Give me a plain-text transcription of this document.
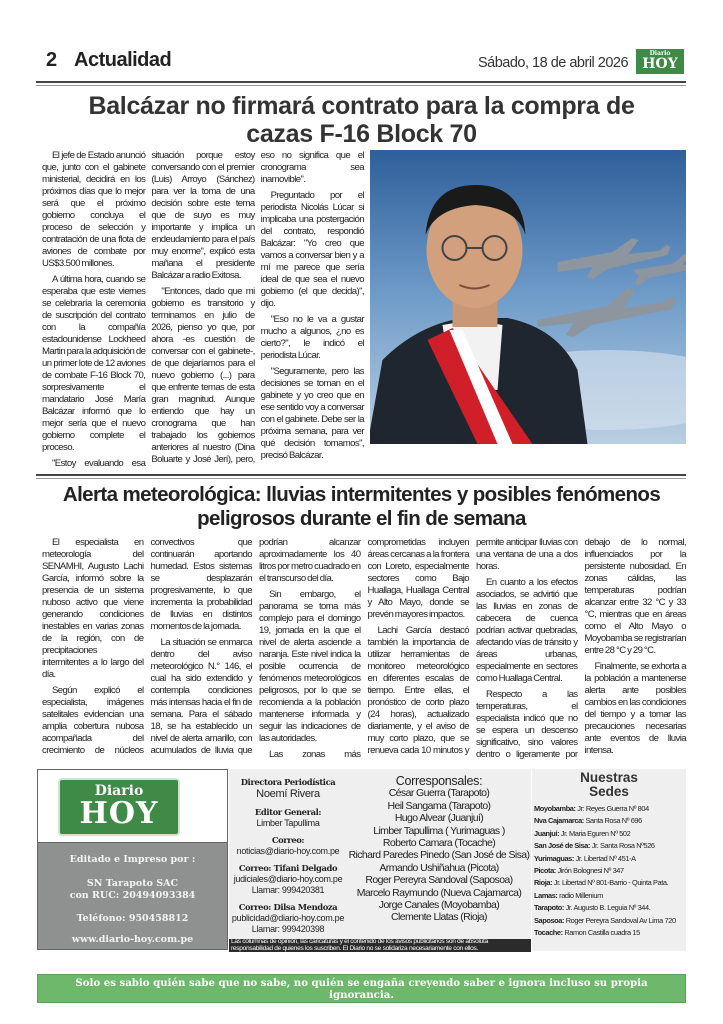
2 Actualidad	Sábado, 18 de abril 2026
Diario
HOY
Balcázar no firmará contrato para la compra de cazas F-16 Block 70

El jefe de Estado anunció que, junto con el gabinete ministerial, decidirá en los próximos días que lo mejor será que el próximo gobierno concluya el proceso de selección y contratación de una flota de aviones de combate por US$3.500 millones.

A última hora, cuando se esperaba que este viernes se celebraría la ceremonia de suscripción del contrato con la compañía estadounidense Lockheed Martin para la adquisición de un primer lote de 12 aviones de combate F-16 Block 70, sorpresivamente el mandatario José María Balcázar informó que lo mejor sería que el nuevo gobierno complete el proceso.

"Estoy evaluando esa situación porque estoy conversando con el premier (Luis) Arroyo (Sánchez) para ver la toma de una decisión sobre este tema que de suyo es muy importante y implica un endeudamiento para el país muy enorme", explicó esta mañana el presidente Balcázar a radio Exitosa.

"Entonces, dado que mi gobierno es transitorio y terminamos en julio de 2026, pienso yo que, por ahora -es cuestión de conversar con el gabinete-, de que dejaríamos para el nuevo gobierno (...) para que enfrente temas de esta gran magnitud. Aunque entiendo que hay un cronograma que han trabajado los gobiernos anteriores al nuestro (Dina Boluarte y José Jerí), pero, eso no significa que el cronograma sea inamovible".

Preguntado por el periodista Nicolás Lúcar si implicaba una postergación del contrato, respondió Balcázar: "Yo creo que vamos a conversar bien y a mí me parece que sería ideal de que sea el nuevo gobierno (el que decida)", dijo.

"Eso no le va a gustar mucho a algunos, ¿no es cierto?", le indicó el periodista Lúcar.

"Seguramente, pero las decisiones se toman en el gabinete y yo creo que en ese sentido voy a conversar con el gabinete. Debe ser la próxima semana, para ver qué decisión tomamos", precisó Balcázar.

Alerta meteorológica: lluvias intermitentes y posibles fenómenos peligrosos durante el fin de semana

El especialista en meteorología del SENAMHI, Augusto Lachi García, informó sobre la presencia de un sistema nuboso activo que viene generando condiciones inestables en varias zonas de la región, con de precipitaciones intermitentes a lo largo del día.

Según explicó el especialista, imágenes satelitales evidencian una amplia cobertura nubosa acompañada del crecimiento de núcleos convectivos que continuarán aportando humedad. Estos sistemas se desplazarán progresivamente, lo que incrementa la probabilidad de lluvias en distintos momentos de la jornada.

La situación se enmarca dentro del aviso meteorológico N.° 146, el cual ha sido extendido y contempla condiciones más intensas hacia el fin de semana. Para el sábado 18, se ha establecido un nivel de alerta amarillo, con acumulados de lluvia que podrían alcanzar aproximadamente los 40 litros por metro cuadrado en el transcurso del día.

Sin embargo, el panorama se torna más complejo para el domingo 19, jornada en la que el nivel de alerta asciende a naranja. Este nivel indica la posible ocurrencia de fenómenos meteorológicos peligrosos, por lo que se recomienda a la población mantenerse informada y seguir las indicaciones de las autoridades.

Las zonas más comprometidas incluyen áreas cercanas a la frontera con Loreto, especialmente sectores como Bajo Huallaga, Huallaga Central y Alto Mayo, donde se prevén mayores impactos.

Lachi García destacó también la importancia de utilizar herramientas de monitoreo meteorológico en diferentes escalas de tiempo. Entre ellas, el pronóstico de corto plazo (24 horas), actualizado diariamente, y el aviso de muy corto plazo, que se renueva cada 10 minutos y permite anticipar lluvias con una ventana de una a dos horas.

En cuanto a los efectos asociados, se advirtió que las lluvias en zonas de cabecera de cuenca podrían activar quebradas, afectando vías de tránsito y áreas urbanas, especialmente en sectores como Huallaga Central.

Respecto a las temperaturas, el especialista indicó que no se espera un descenso significativo, sino valores dentro o ligeramente por debajo de lo normal, influenciados por la persistente nubosidad. En zonas cálidas, las temperaturas podrían alcanzar entre 32 °C y 33 °C, mientras que en áreas como el Alto Mayo o Moyobamba se registrarían entre 28 °C y 29 °C.

Finalmente, se exhorta a la población a mantenerse alerta ante posibles cambios en las condiciones del tiempo y a tomar las precauciones necesarias ante eventos de lluvia intensa.

Diario
HOY
Editado e Impreso por :
SN Tarapoto SAC
con RUC: 20494093384
Teléfono: 950458812
www.diario-hoy.com.pe
Directora Periodística
Noemí Rivera
Editor General:
Limber Tapullima
Correo:
noticias@diario-hoy.com.pe
Correo: Tifani Delgado
judiciales@diario-hoy.com.pe
Llamar: 999420381
Correo: Dilsa Mendoza
publicidad@diario-hoy.com.pe
Llamar: 999420398
Corresponsales:
César Guerra (Tarapoto)
Heil Sangama (Tarapoto)
Hugo Alvear (Juanjuí)
Limber Tapullima ( Yurimaguas )
Roberto Camara (Tocache)
Richard Paredes Pinedo (San José de Sisa)
Armando Ushiñahua (Picota)
Roger Pereyra Sandoval (Saposoa)
Marcelo Raymundo (Nueva Cajamarca)
Jorge Canales (Moyobamba)
Clemente Llatas (Rioja)
Las columnas de opinión, las caricaturas y el contenido de los avisos publicitarios son de absoluta responsabilidad de quienes los suscriben. El Diario no se solidariza necesariamente con ellos.
Nuestras
Sedes
Moyobamba: Jr: Reyes Guerra Nº 804
Nva Cajamarca: Santa Rosa Nº 696
Juanjuí: Jr. Maria Eguren Nº 502
San José de Sisa: Jr. Santa Rosa Nº526
Yurimaguas: Jr. Libertad Nº 451-A
Picota: Jirón Bolognesi Nº 347
Rioja: Jr. Libertad Nº 801-Barrio - Quinta Pata.
Lamas: radio Millenium
Tarapoto: Jr. Augusto B. Leguia Nº 344.
Saposoa: Roger Pereyra Sandoval Av Lima 720
Tocache: Ramon Castilla cuadra 15
Solo es sabio quién sabe que no sabe, no quién se engaña creyendo saber e ignora incluso su propia ignorancia.
